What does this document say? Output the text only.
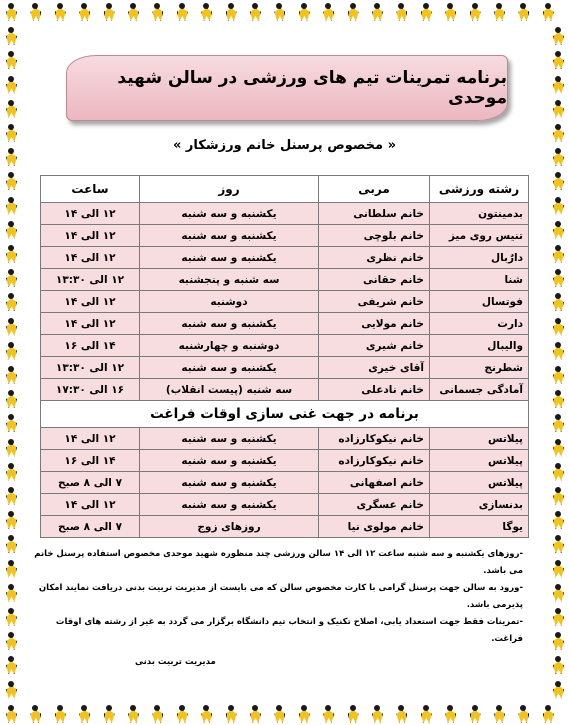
برنامه تمرینات تیم های ورزشی در سالن شهید موحدی
« مخصوص پرسنل خانم ورزشکار »
رشته ورزشی	مربی	روز	ساعت
بدمینتون	خانم سلطانی	یکشنبه و سه شنبه	۱۲ الی ۱۴
تنیس روی میز	خانم بلوچی	یکشنبه و سه شنبه	۱۲ الی ۱۴
دارٌبال	خانم نظری	یکشنبه و سه شنبه	۱۲ الی ۱۴
شنا	خانم حقانی	سه شنبه و پنجشنبه	۱۲ الی ۱۳:۳۰
فوتسال	خانم شریفی	دوشنبه	۱۲ الی ۱۴
دارت	خانم مولایی	یکشنبه و سه شنبه	۱۲ الی ۱۴
والیبال	خانم شیری	دوشنبه و چهارشنبه	۱۴ الی ۱۶
شطرنج	آقای خیری	یکشنبه و سه شنبه	۱۲ الی ۱۳:۳۰
آمادگی جسمانی	خانم نادعلی	سه شنبه (پیست انقلاب)	۱۶ الی ۱۷:۳۰
برنامه در جهت غنی سازی اوقات فراغت			
پیلاتس	خانم نیکوکارزاده	یکشنبه و سه شنبه	۱۲ الی ۱۴
پیلاتس	خانم نیکوکارزاده	یکشنبه و سه شنبه	۱۴ الی ۱۶
پیلاتس	خانم اصفهانی	یکشنبه و سه شنبه	۷ الی ۸ صبح
بدنسازی	خانم عسگری	یکشنبه و سه شنبه	۱۲ الی ۱۴
یوگا	خانم مولوی نیا	روزهای زوج	۷ الی ۸ صبح

-روزهای یکشنبه و سه شنبه ساعت ۱۲ الی ۱۴ سالن ورزشی چند منظوره شهید موحدی مخصوص استفاده پرسنل خانم می باشد.

-ورود به سالن جهت پرسنل گرامی با کارت مخصوص سالن که می بایست از مدیریت تربیت بدنی دریافت نمایند امکان پذیرمی باشد.

-تمرینات فقط جهت استعداد یابی، اصلاح تکنیک و انتخاب تیم دانشگاه برگزار می گردد به غیر از رشته های اوقات فراغت.

مدیریت تربیت بدنی
